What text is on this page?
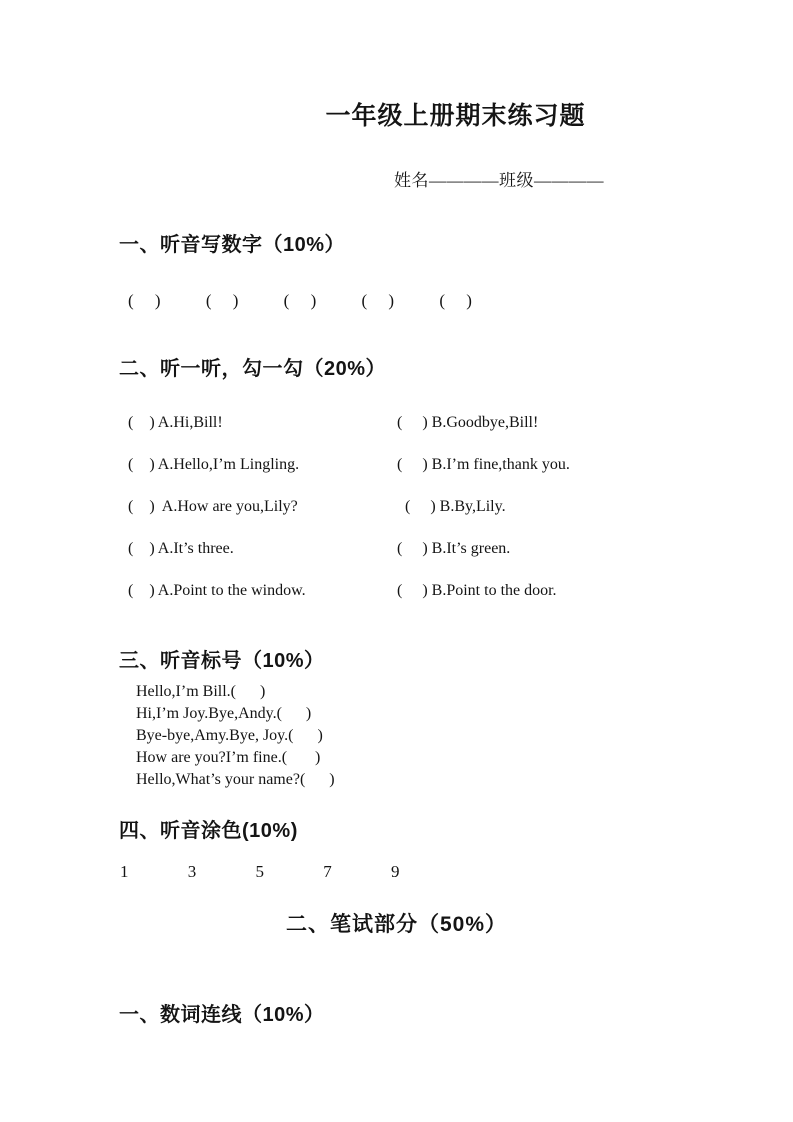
一年级上册期末练习题
姓名————班级————
一、听音写数字（10%）
(     )	(     )	(     )	(     )	(     )
二、听一听，勾一勾（20%）
(    ) A.Hi,Bill!	(     ) B.Goodbye,Bill!
(    ) A.Hello,I’m Lingling.	(     ) B.I’m fine,thank you.
(    )  A.How are you,Lily?	(     ) B.By,Lily.
(    ) A.It’s three.	(     ) B.It’s green.
(    ) A.Point to the window.	(     ) B.Point to the door.
三、听音标号（10%）
Hello,I’m Bill.(      )
Hi,I’m Joy.Bye,Andy.(      )
Bye-bye,Amy.Bye, Joy.(      )
How are you?I’m fine.(       )
Hello,What’s your name?(      )
四、听音涂色(10%)
1	3	5	7	9
二、笔试部分（50%）
一、数词连线（10%）
